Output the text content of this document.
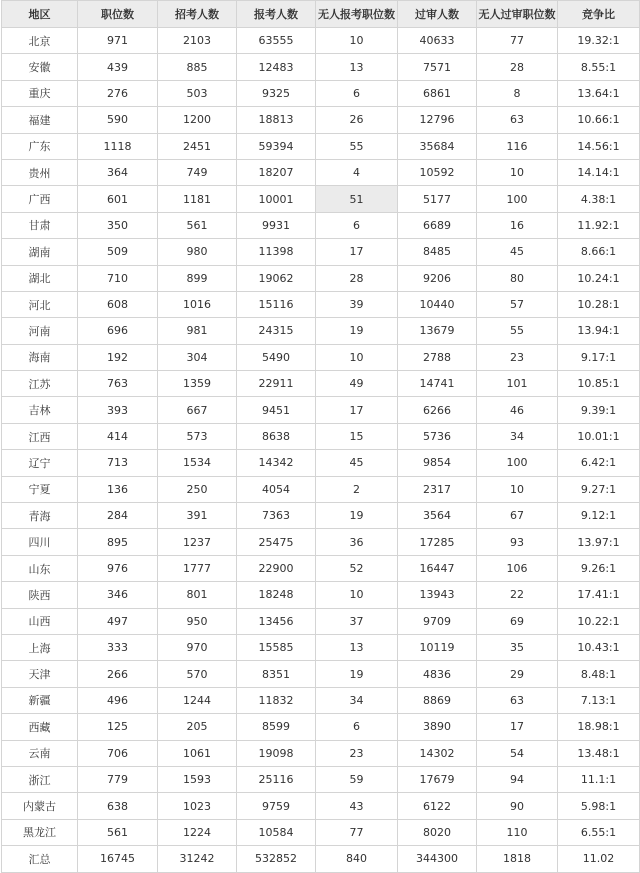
地区	职位数	招考人数	报考人数	无人报考职位数	过审人数	无人过审职位数	竞争比
北京	971	2103	63555	10	40633	77	19.32:1
安徽	439	885	12483	13	7571	28	8.55:1
重庆	276	503	9325	6	6861	8	13.64:1
福建	590	1200	18813	26	12796	63	10.66:1
广东	1118	2451	59394	55	35684	116	14.56:1
贵州	364	749	18207	4	10592	10	14.14:1
广西	601	1181	10001	51	5177	100	4.38:1
甘肃	350	561	9931	6	6689	16	11.92:1
湖南	509	980	11398	17	8485	45	8.66:1
湖北	710	899	19062	28	9206	80	10.24:1
河北	608	1016	15116	39	10440	57	10.28:1
河南	696	981	24315	19	13679	55	13.94:1
海南	192	304	5490	10	2788	23	9.17:1
江苏	763	1359	22911	49	14741	101	10.85:1
吉林	393	667	9451	17	6266	46	9.39:1
江西	414	573	8638	15	5736	34	10.01:1
辽宁	713	1534	14342	45	9854	100	6.42:1
宁夏	136	250	4054	2	2317	10	9.27:1
青海	284	391	7363	19	3564	67	9.12:1
四川	895	1237	25475	36	17285	93	13.97:1
山东	976	1777	22900	52	16447	106	9.26:1
陕西	346	801	18248	10	13943	22	17.41:1
山西	497	950	13456	37	9709	69	10.22:1
上海	333	970	15585	13	10119	35	10.43:1
天津	266	570	8351	19	4836	29	8.48:1
新疆	496	1244	11832	34	8869	63	7.13:1
西藏	125	205	8599	6	3890	17	18.98:1
云南	706	1061	19098	23	14302	54	13.48:1
浙江	779	1593	25116	59	17679	94	11.1:1
内蒙古	638	1023	9759	43	6122	90	5.98:1
黑龙江	561	1224	10584	77	8020	110	6.55:1
汇总	16745	31242	532852	840	344300	1818	11.02
